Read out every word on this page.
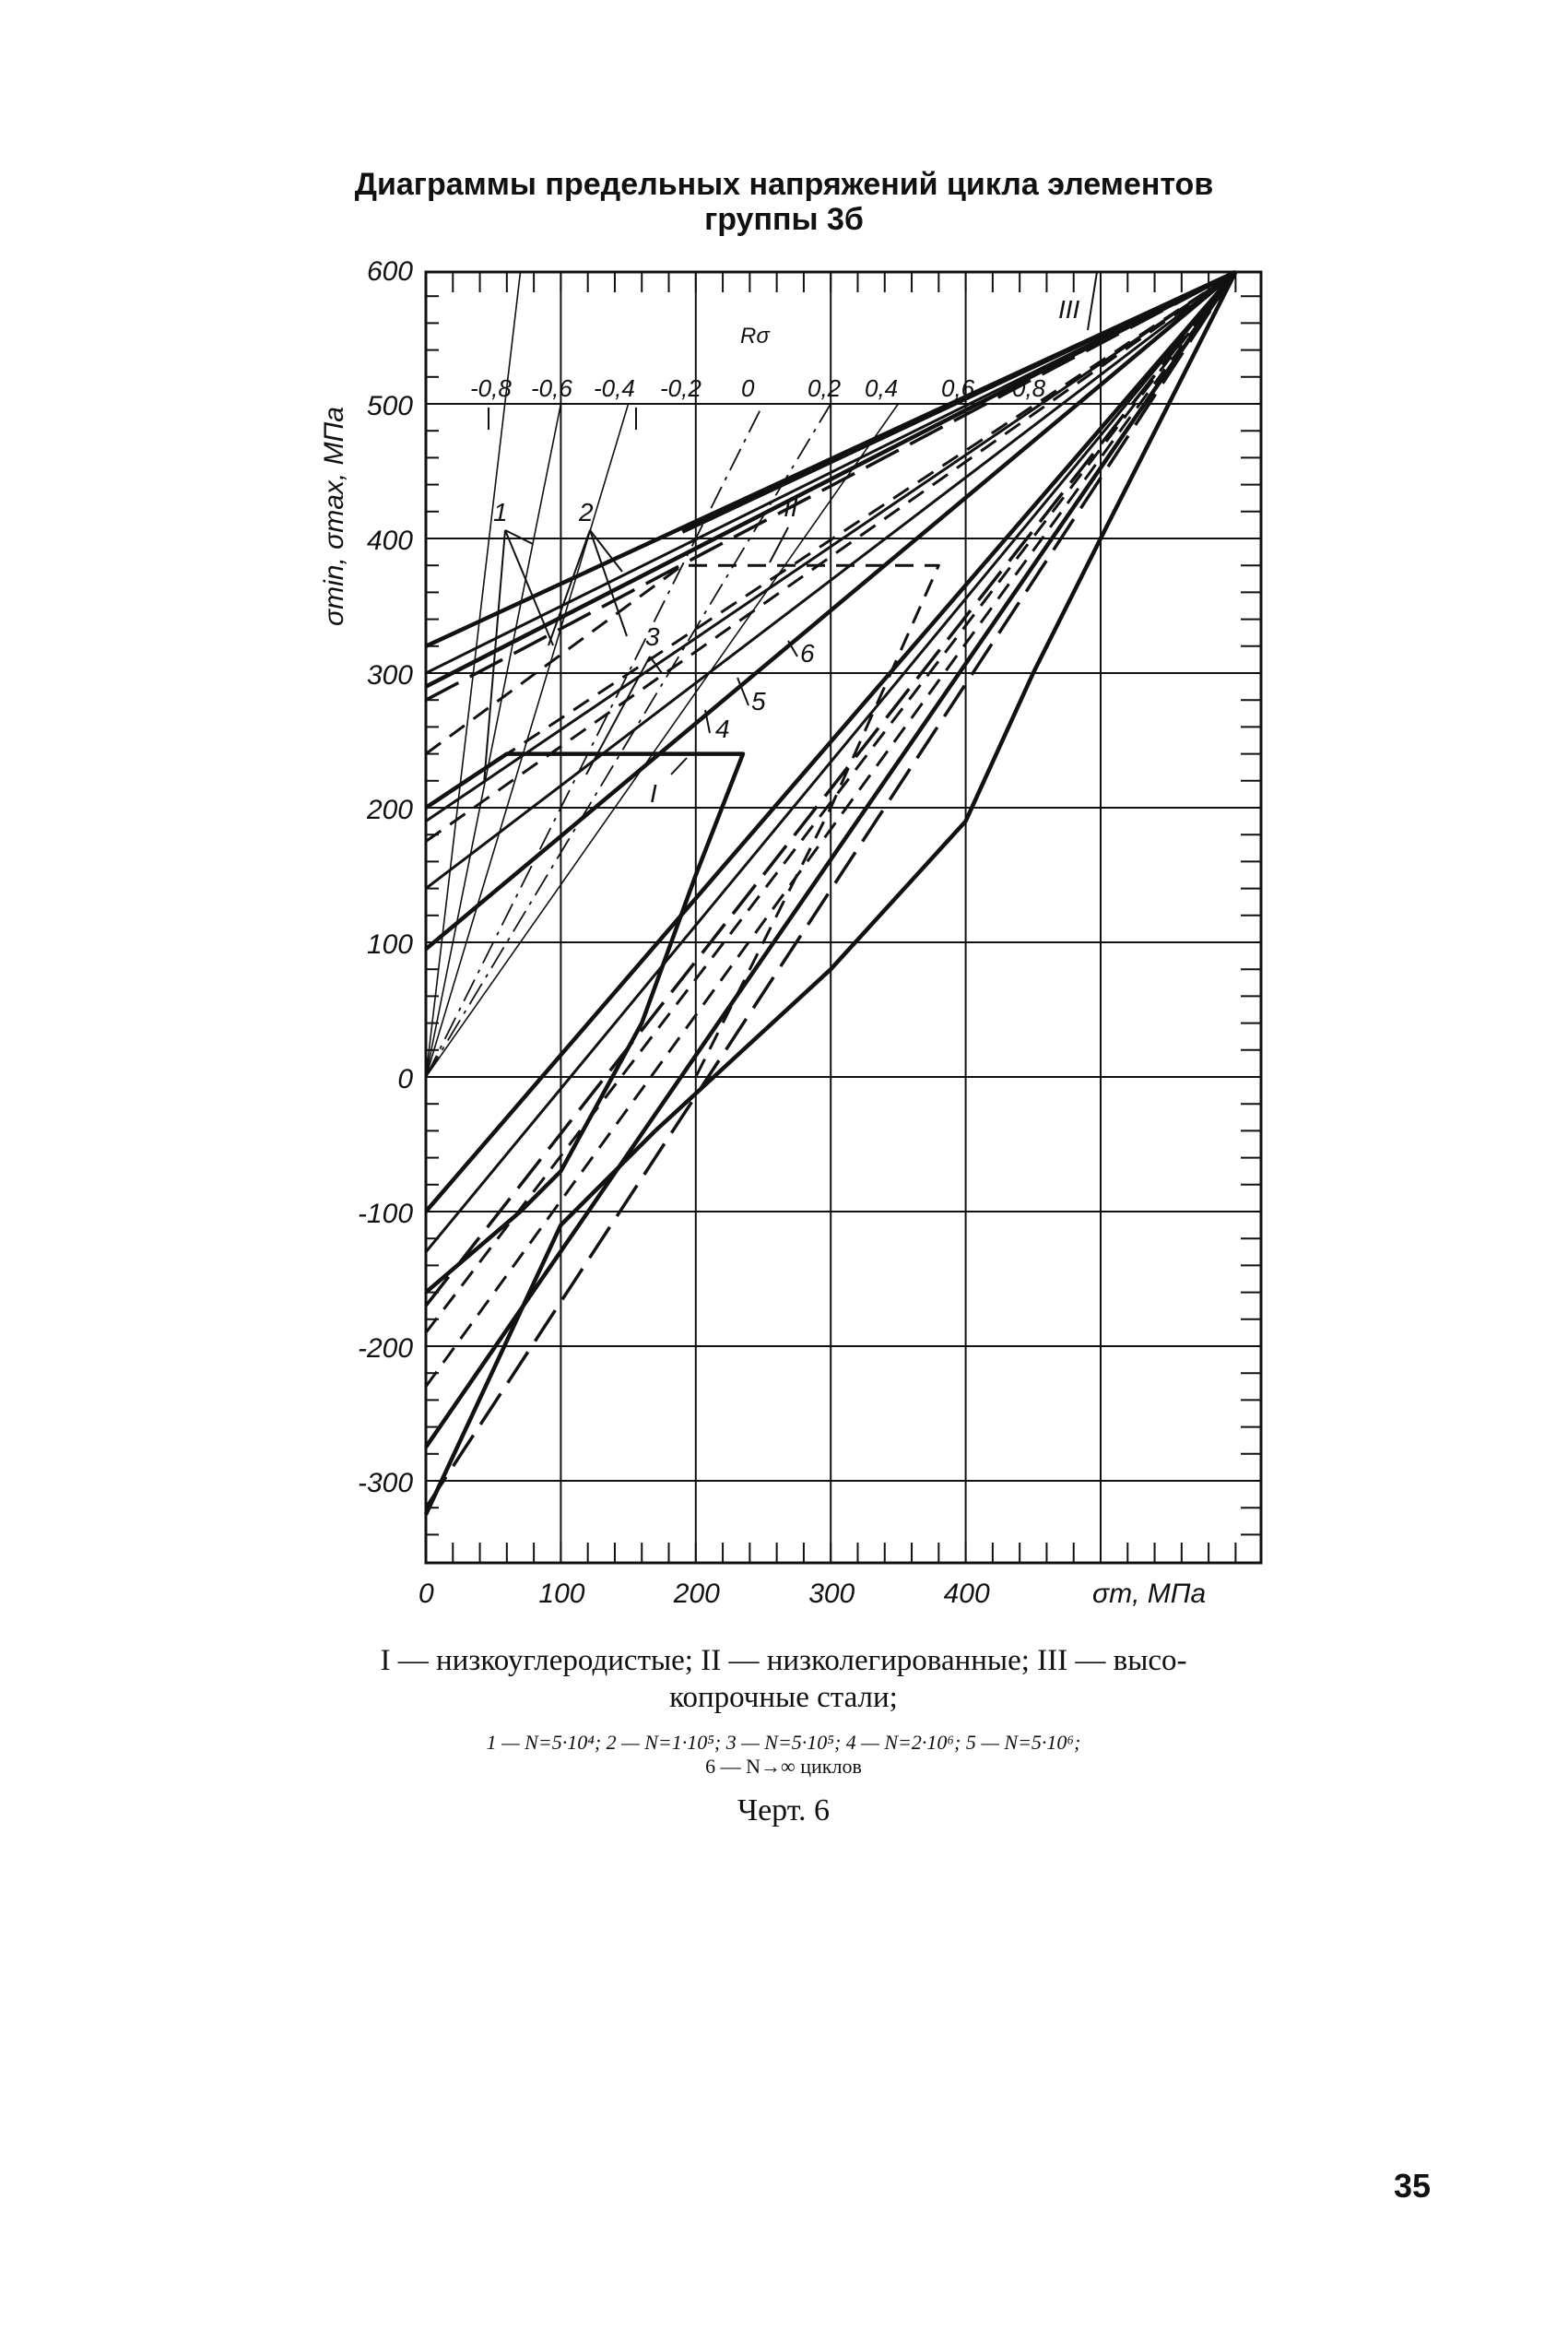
Диаграммы предельных напряжений цикла элементов
группы 3б
0	100	200	300	400	σm, МПа
600
500
400
300
200
100
0
-100
-200
-300
σmin, σmax, МПа
Rσ
-0,8 -0,6 -0,4 -0,2 0 0,2 0,4 0,6 0,8
1	2
3
4
5
6
I
II
III
I — низкоуглеродистые; II — низколегированные; III — высо-
копрочные стали;
1 — N=5·10⁴; 2 — N=1·10⁵; 3 — N=5·10⁵; 4 — N=2·10⁶; 5 — N=5·10⁶;
6 — N→∞ циклов
Черт. 6
35
